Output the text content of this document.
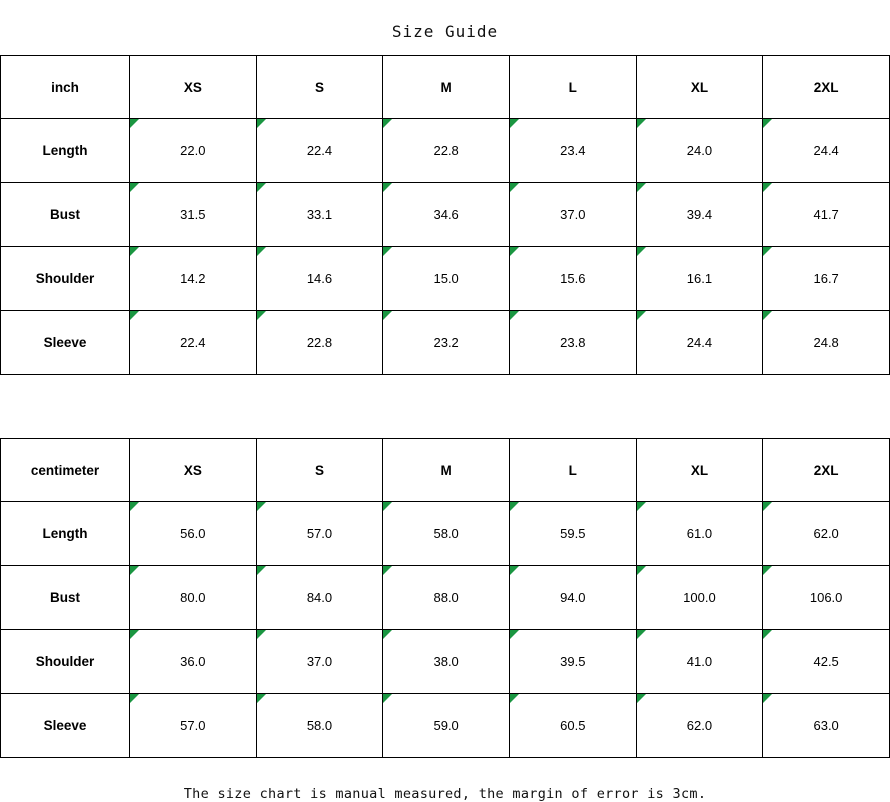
Size Guide
inch	XS	S	M	L	XL	2XL
Length	22.0	22.4	22.8	23.4	24.0	24.4
Bust	31.5	33.1	34.6	37.0	39.4	41.7
Shoulder	14.2	14.6	15.0	15.6	16.1	16.7
Sleeve	22.4	22.8	23.2	23.8	24.4	24.8
centimeter	XS	S	M	L	XL	2XL
Length	56.0	57.0	58.0	59.5	61.0	62.0
Bust	80.0	84.0	88.0	94.0	100.0	106.0
Shoulder	36.0	37.0	38.0	39.5	41.0	42.5
Sleeve	57.0	58.0	59.0	60.5	62.0	63.0
The size chart is manual measured, the margin of error is 3cm.
